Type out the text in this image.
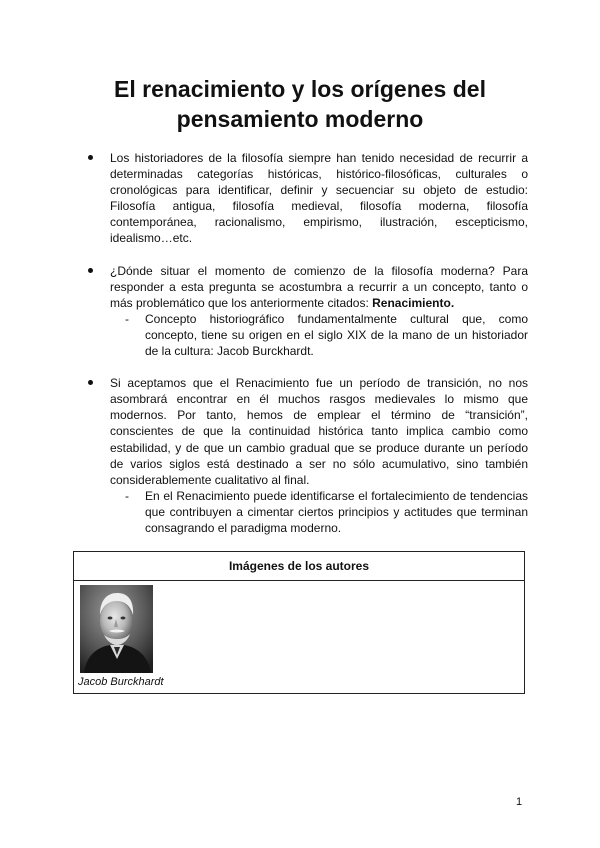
El renacimiento y los orígenes del
pensamiento moderno

Los historiadores de la filosofía siempre han tenido necesidad de recurrir a determinadas categorías históricas, histórico-filosóficas, culturales o cronológicas para identificar, definir y secuenciar su objeto de estudio: Filosofía antigua, filosofía medieval, filosofía moderna, filosofía contemporánea, racionalismo, empirismo, ilustración, escepticismo, idealismo…etc.

¿Dónde situar el momento de comienzo de la filosofía moderna? Para responder a esta pregunta se acostumbra a recurrir a un concepto, tanto o más problemático que los anteriormente citados: Renacimiento.

- Concepto historiográfico fundamentalmente cultural que, como concepto, tiene su origen en el siglo XIX de la mano de un historiador de la cultura: Jacob Burckhardt.

Si aceptamos que el Renacimiento fue un período de transición, no nos asombrará encontrar en él muchos rasgos medievales lo mismo que modernos. Por tanto, hemos de emplear el término de “transición”, conscientes de que la continuidad histórica tanto implica cambio como estabilidad, y de que un cambio gradual que se produce durante un período de varios siglos está destinado a ser no sólo acumulativo, sino también considerablemente cualitativo al final.

- En el Renacimiento puede identificarse el fortalecimiento de tendencias que contribuyen a cimentar ciertos principios y actitudes que terminan consagrando el paradigma moderno.
Imágenes de los autores
Jacob Burckhardt
1
